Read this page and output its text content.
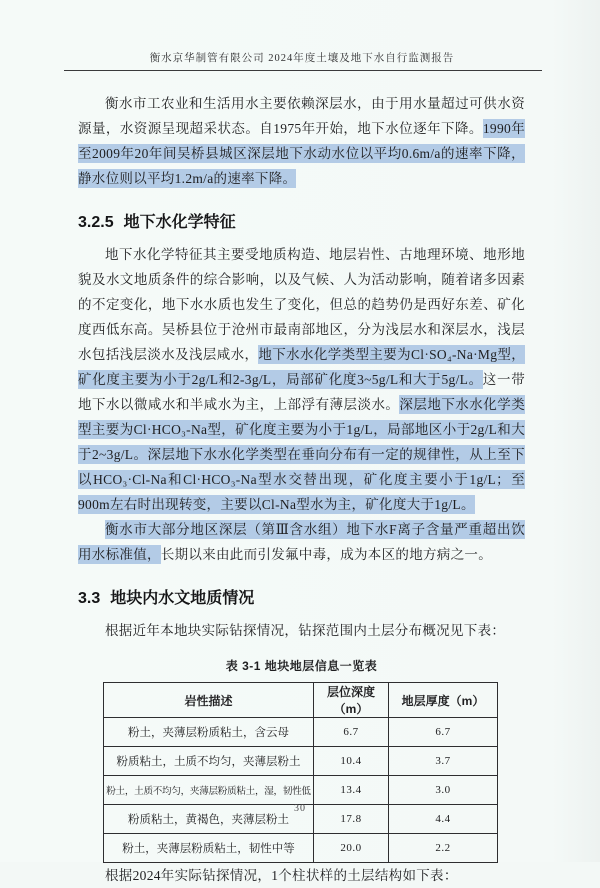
衡水京华制管有限公司 2024年度土壤及地下水自行监测报告

衡水市工农业和生活用水主要依赖深层水，由于用水量超过可供水资源量，水资源呈现超采状态。自1975年开始，地下水位逐年下降。1990年至2009年20年间吴桥县城区深层地下水动水位以平均0.6m/a的速率下降，静水位则以平均1.2m/a的速率下降。

3.2.5 地下水化学特征

地下水化学特征其主要受地质构造、地层岩性、古地理环境、地形地貌及水文地质条件的综合影响，以及气候、人为活动影响，随着诸多因素的不定变化，地下水水质也发生了变化，但总的趋势仍是西好东差、矿化度西低东高。吴桥县位于沧州市最南部地区，分为浅层水和深层水，浅层水包括浅层淡水及浅层咸水，地下水水化学类型主要为Cl·SO₄-Na·Mg型，矿化度主要为小于2g/L和2-3g/L，局部矿化度3~5g/L和大于5g/L。这一带地下水以微咸水和半咸水为主，上部浮有薄层淡水。深层地下水水化学类型主要为Cl·HCO₃-Na型，矿化度主要为小于1g/L，局部地区小于2g/L和大于2~3g/L。深层地下水水化学类型在垂向分布有一定的规律性，从上至下以HCO₃·Cl-Na和Cl·HCO₃-Na型水交替出现，矿化度主要小于1g/L；至900m左右时出现转变，主要以Cl-Na型水为主，矿化度大于1g/L。

衡水市大部分地区深层（第Ⅲ含水组）地下水F离子含量严重超出饮用水标准值，长期以来由此而引发氟中毒，成为本区的地方病之一。

3.3 地块内水文地质情况

根据近年本地块实际钻探情况，钻探范围内土层分布概况见下表：

表 3-1 地块地层信息一览表
岩性描述	层位深度（m）	地层厚度（m）
粉土，夹薄层粉质粘土，含云母	6.7	6.7
粉质粘土，土质不均匀，夹薄层粉土	10.4	3.7
粉土，土质不均匀，夹薄层粉质粘土，湿，韧性低	13.4	3.0
粉质粘土，黄褐色，夹薄层粉土	17.8	4.4
粉土，夹薄层粉质粘土，韧性中等	20.0	2.2

根据2024年实际钻探情况，1个柱状样的土层结构如下表：

30
